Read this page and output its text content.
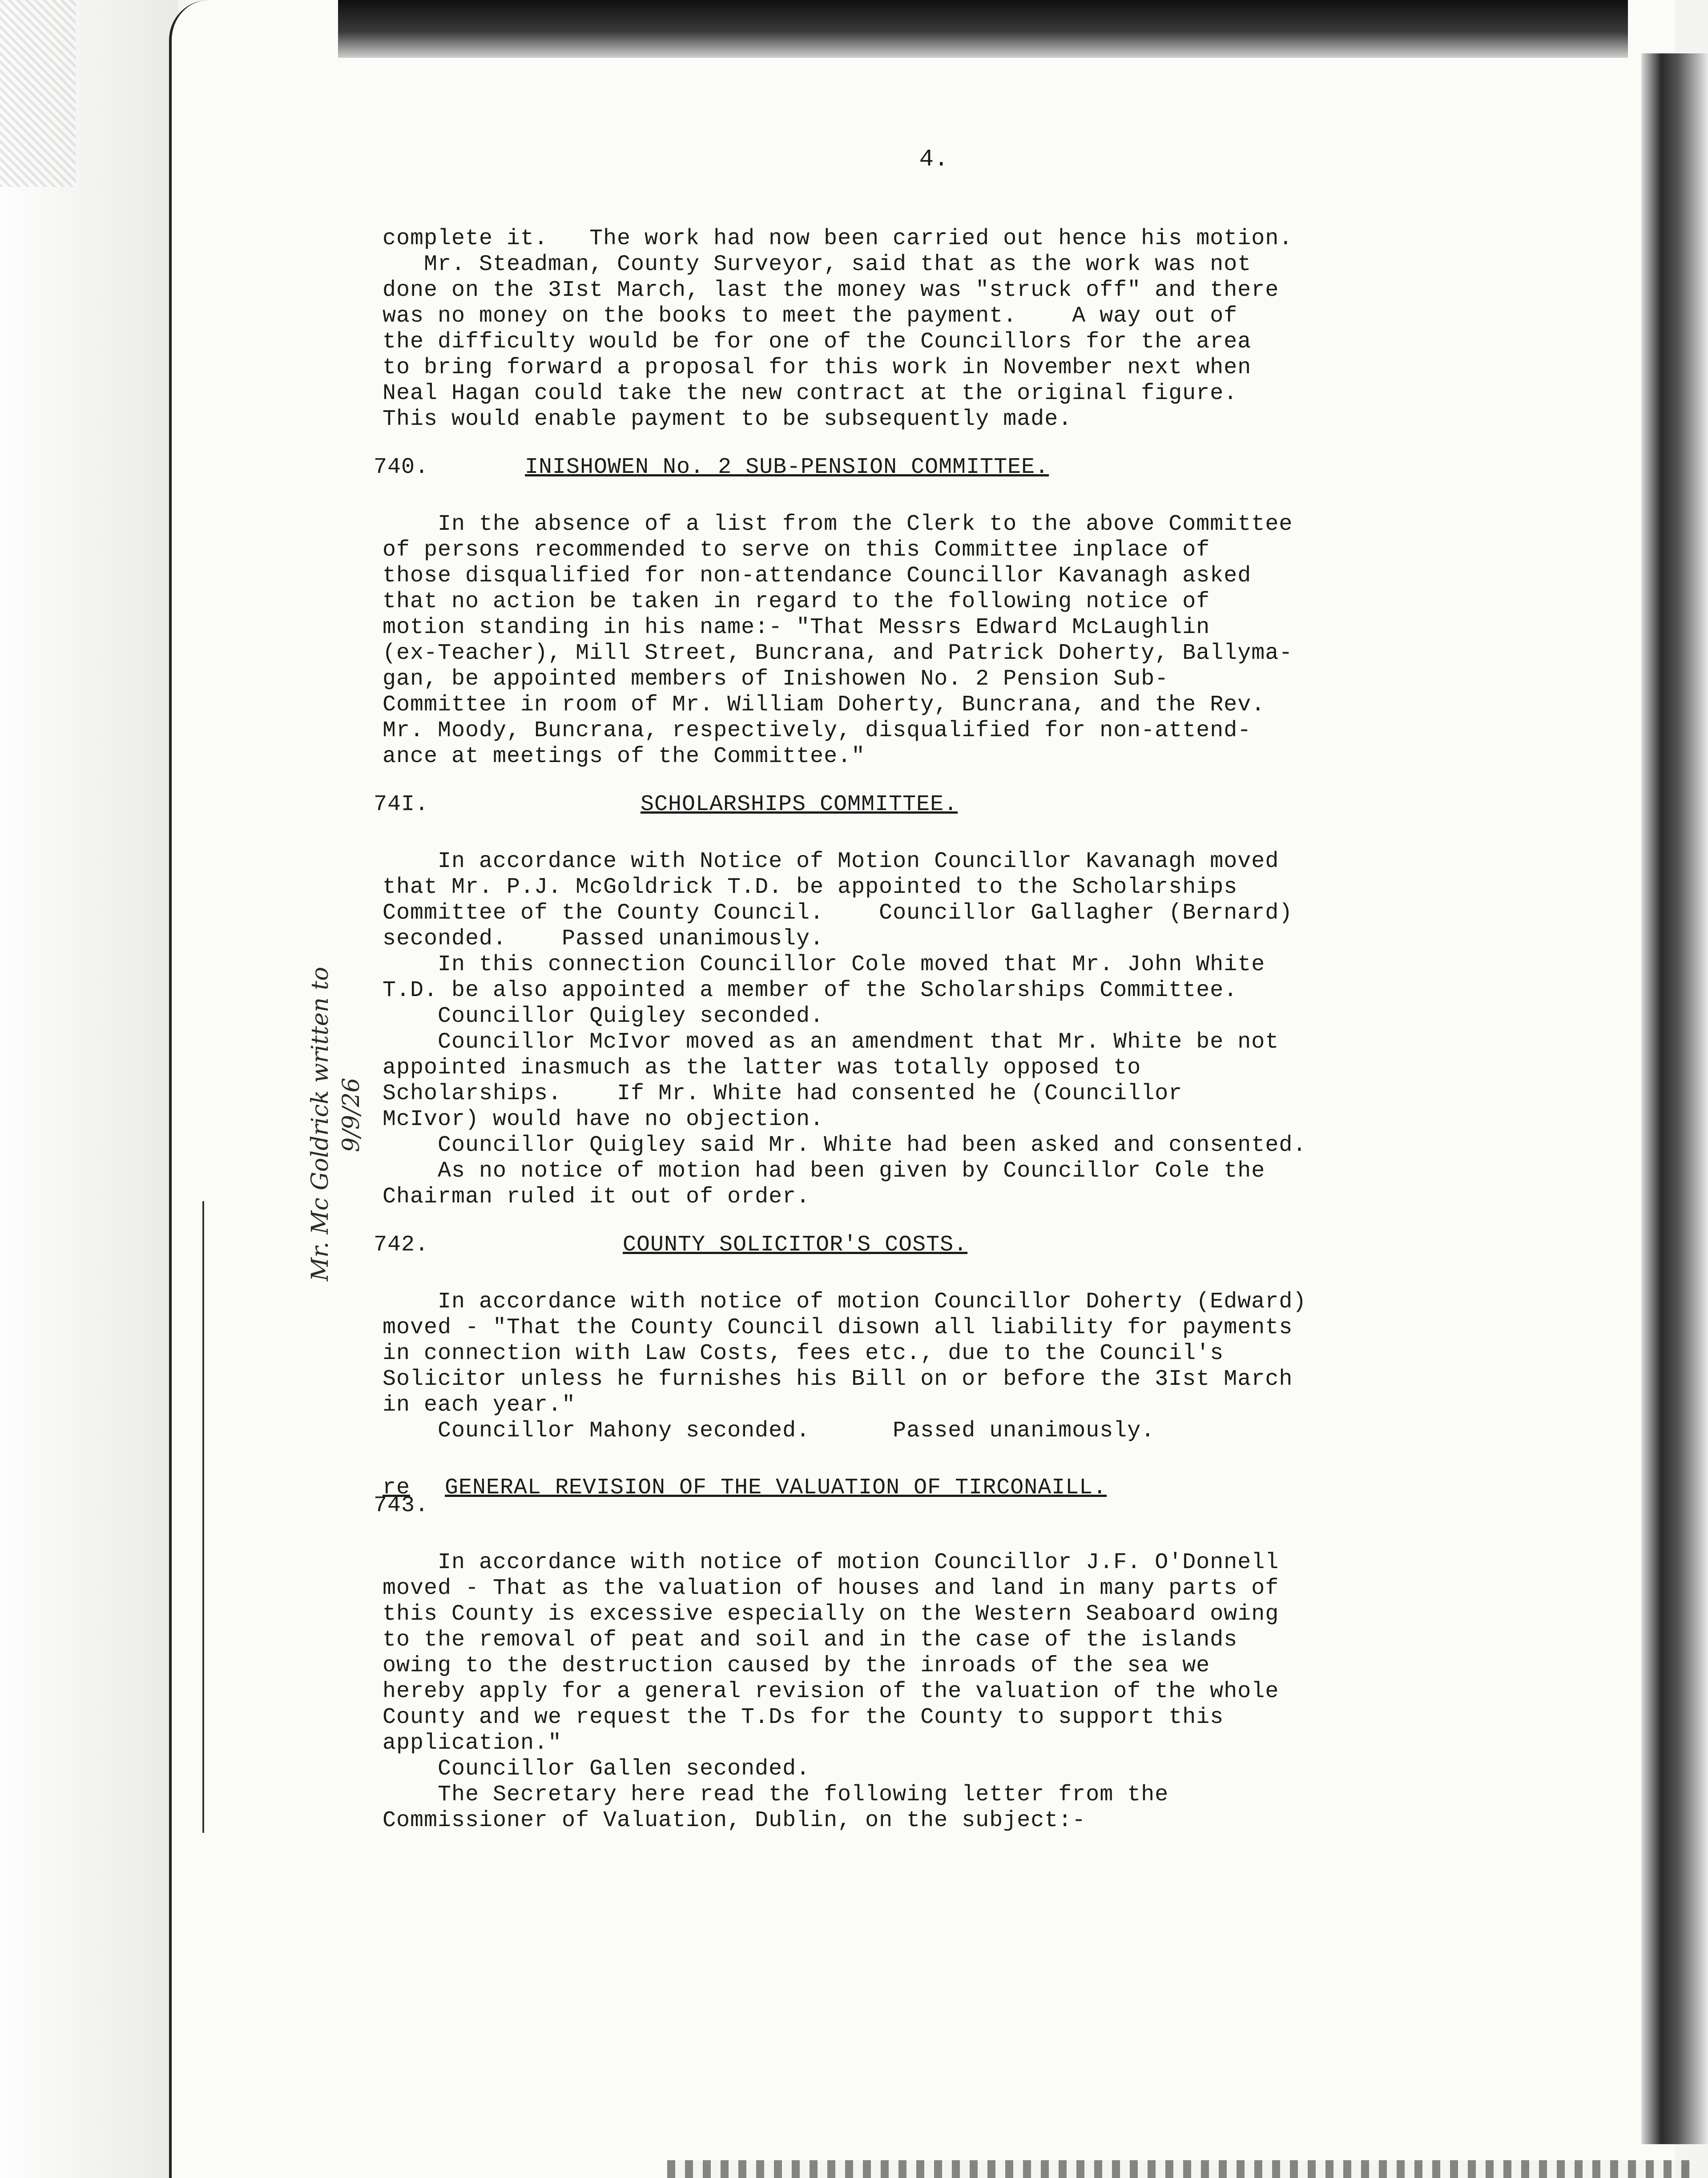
Mr. Mc Goldrick written to 9/9/26
4.

complete it.   The work had now been carried out hence his motion.

Mr. Steadman, County Surveyor, said that as the work was not

done on the 3Ist March, last the money was "struck off" and there

was no money on the books to meet the payment.    A way out of

the difficulty would be for one of the Councillors for the area

to bring forward a proposal for this work in November next when

Neal Hagan could take the new contract at the original figure.

This would enable payment to be subsequently made.

740.	INISHOWEN No. 2 SUB-PENSION COMMITTEE.

In the absence of a list from the Clerk to the above Committee

of persons recommended to serve on this Committee inplace of

those disqualified for non-attendance Councillor Kavanagh asked

that no action be taken in regard to the following notice of

motion standing in his name:- "That Messrs Edward McLaughlin

(ex-Teacher), Mill Street, Buncrana, and Patrick Doherty, Ballyma-

gan, be appointed members of Inishowen No. 2 Pension Sub-

Committee in room of Mr. William Doherty, Buncrana, and the Rev.

Mr. Moody, Buncrana, respectively, disqualified for non-attend-

ance at meetings of the Committee."

74I.	SCHOLARSHIPS COMMITTEE.

In accordance with Notice of Motion Councillor Kavanagh moved

that Mr. P.J. McGoldrick T.D. be appointed to the Scholarships

Committee of the County Council.    Councillor Gallagher (Bernard)

seconded.    Passed unanimously.

In this connection Councillor Cole moved that Mr. John White

T.D. be also appointed a member of the Scholarships Committee.

Councillor Quigley seconded.

Councillor McIvor moved as an amendment that Mr. White be not

appointed inasmuch as the latter was totally opposed to

Scholarships.    If Mr. White had consented he (Councillor

McIvor) would have no objection.

Councillor Quigley said Mr. White had been asked and consented.

As no notice of motion had been given by Councillor Cole the

Chairman ruled it out of order.

742.	COUNTY SOLICITOR'S COSTS.

In accordance with notice of motion Councillor Doherty (Edward)

moved - "That the County Council disown all liability for payments

in connection with Law Costs, fees etc., due to the Council's

Solicitor unless he furnishes his Bill on or before the 3Ist March

in each year."

Councillor Mahony seconded.      Passed unanimously.

re
743.
GENERAL REVISION OF THE VALUATION OF TIRCONAILL.

In accordance with notice of motion Councillor J.F. O'Donnell

moved - That as the valuation of houses and land in many parts of

this County is excessive especially on the Western Seaboard owing

to the removal of peat and soil and in the case of the islands

owing to the destruction caused by the inroads of the sea we

hereby apply for a general revision of the valuation of the whole

County and we request the T.Ds for the County to support this

application."

Councillor Gallen seconded.

The Secretary here read the following letter from the

Commissioner of Valuation, Dublin, on the subject:-
